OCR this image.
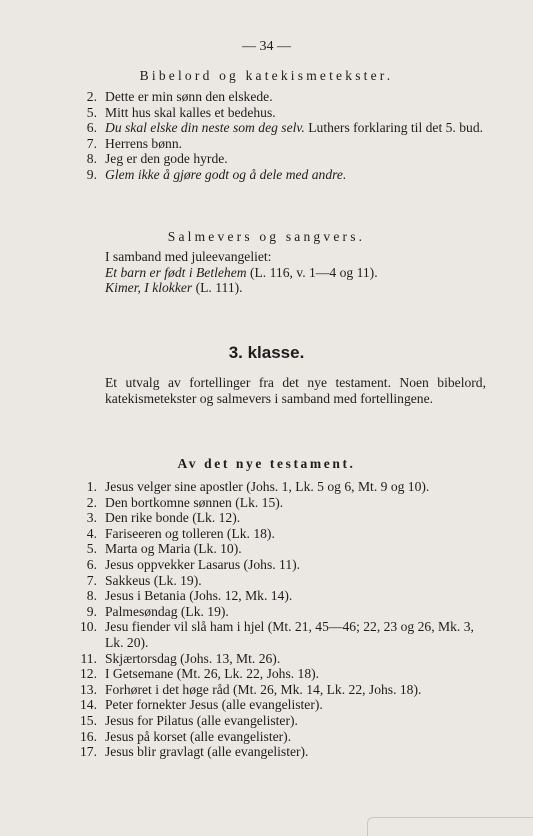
— 34 —
Bibelord og katekismetekster.
2. Dette er min sønn den elskede.
5. Mitt hus skal kalles et bedehus.
6. Du skal elske din neste som deg selv. Luthers forklaring til det 5. bud.
7. Herrens bønn.
8. Jeg er den gode hyrde.
9. Glem ikke å gjøre godt og å dele med andre.
Salmevers og sangvers.
I samband med juleevangeliet:
Et barn er født i Betlehem (L. 116, v. 1—4 og 11).
Kimer, I klokker (L. 111).
3. klasse.
Et utvalg av fortellinger fra det nye testament. Noen bibelord, katekismetekster og salmevers i samband med fortellingene.
Av det nye testament.
1. Jesus velger sine apostler (Johs. 1, Lk. 5 og 6, Mt. 9 og 10).
2. Den bortkomne sønnen (Lk. 15).
3. Den rike bonde (Lk. 12).
4. Fariseeren og tolleren (Lk. 18).
5. Marta og Maria (Lk. 10).
6. Jesus oppvekker Lasarus (Johs. 11).
7. Sakkeus (Lk. 19).
8. Jesus i Betania (Johs. 12, Mk. 14).
9. Palmesøndag (Lk. 19).
10. Jesu fiender vil slå ham i hjel (Mt. 21, 45—46; 22, 23 og 26, Mk. 3, Lk. 20).
11. Skjærtorsdag (Johs. 13, Mt. 26).
12. I Getsemane (Mt. 26, Lk. 22, Johs. 18).
13. Forhøret i det høge råd (Mt. 26, Mk. 14, Lk. 22, Johs. 18).
14. Peter fornekter Jesus (alle evangelister).
15. Jesus for Pilatus (alle evangelister).
16. Jesus på korset (alle evangelister).
17. Jesus blir gravlagt (alle evangelister).
